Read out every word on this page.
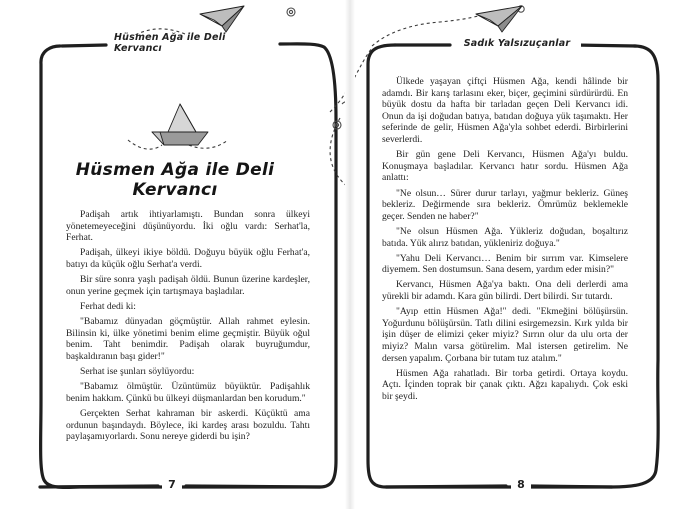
Hüsmen Ağa ile Deli Kervancı	Sadık Yalsızuçanlar
Hüsmen Ağa ile Deli Kervancı

Padişah artık ihtiyarlamıştı. Bundan sonra ülkeyi yönetemeyeceğini düşünüyordu. İki oğlu vardı: Serhat'la, Ferhat.

Padişah, ülkeyi ikiye böldü. Doğuyu büyük oğlu Ferhat'a, batıyı da küçük oğlu Serhat'a verdi.

Bir süre sonra yaşlı padişah öldü. Bunun üzerine kardeşler, onun yerine geçmek için tartışmaya başladılar.

Ferhat dedi ki:

"Babamız dünyadan göçmüştür. Allah rahmet eylesin. Bilinsin ki, ülke yönetimi benim elime geçmiştir. Büyük oğul benim. Taht benimdir. Padişah olarak buyruğumdur, başkaldıranın başı gider!"

Serhat ise şunları söylüyordu:

"Babamız ölmüştür. Üzüntümüz büyüktür. Padişahlık benim hakkım. Çünkü bu ülkeyi düşmanlardan ben korudum."

Gerçekten Serhat kahraman bir askerdi. Küçüktü ama ordunun başındaydı. Böylece, iki kardeş arası bozuldu. Tahtı paylaşamıyorlardı. Sonu nereye giderdi bu işin?

Ülkede yaşayan çiftçi Hüsmen Ağa, kendi hâlinde bir adamdı. Bir karış tarlasını eker, biçer, geçimini sürdürürdü. En büyük dostu da hafta bir tarladan geçen Deli Kervancı idi. Onun da işi doğudan batıya, batıdan doğuya yük taşımaktı. Her seferinde de gelir, Hüsmen Ağa'yla sohbet ederdi. Birbirlerini severlerdi.

Bir gün gene Deli Kervancı, Hüsmen Ağa'yı buldu. Konuşmaya başladılar. Kervancı hatır sordu. Hüsmen Ağa anlattı:

"Ne olsun… Sürer durur tarlayı, yağmur bekleriz. Güneş bekleriz. Değirmende sıra bekleriz. Ömrümüz beklemekle geçer. Senden ne haber?"

"Ne olsun Hüsmen Ağa. Yükleriz doğudan, boşaltırız batıda. Yük alırız batıdan, yükleniriz doğuya."

"Yahu Deli Kervancı… Benim bir sırrım var. Kimselere diyemem. Sen dostumsun. Sana desem, yardım eder misin?"

Kervancı, Hüsmen Ağa'ya baktı. Ona deli derlerdi ama yürekli bir adamdı. Kara gün bilirdi. Dert bilirdi. Sır tutardı.

"Ayıp ettin Hüsmen Ağa!" dedi. "Ekmeğini bölüşürsün. Yoğurdunu bölüşürsün. Tatlı dilini esirgemezsin. Kırk yılda bir işin düşer de elimizi çeker miyiz? Sırrın olur da ulu orta der miyiz? Malın varsa götürelim. Mal istersen getirelim. Ne dersen yapalım. Çorbana bir tutam tuz atalım."

Hüsmen Ağa rahatladı. Bir torba getirdi. Ortaya koydu. Açtı. İçinden toprak bir çanak çıktı. Ağzı kapalıydı. Çok eski bir şeydi.

7	8
